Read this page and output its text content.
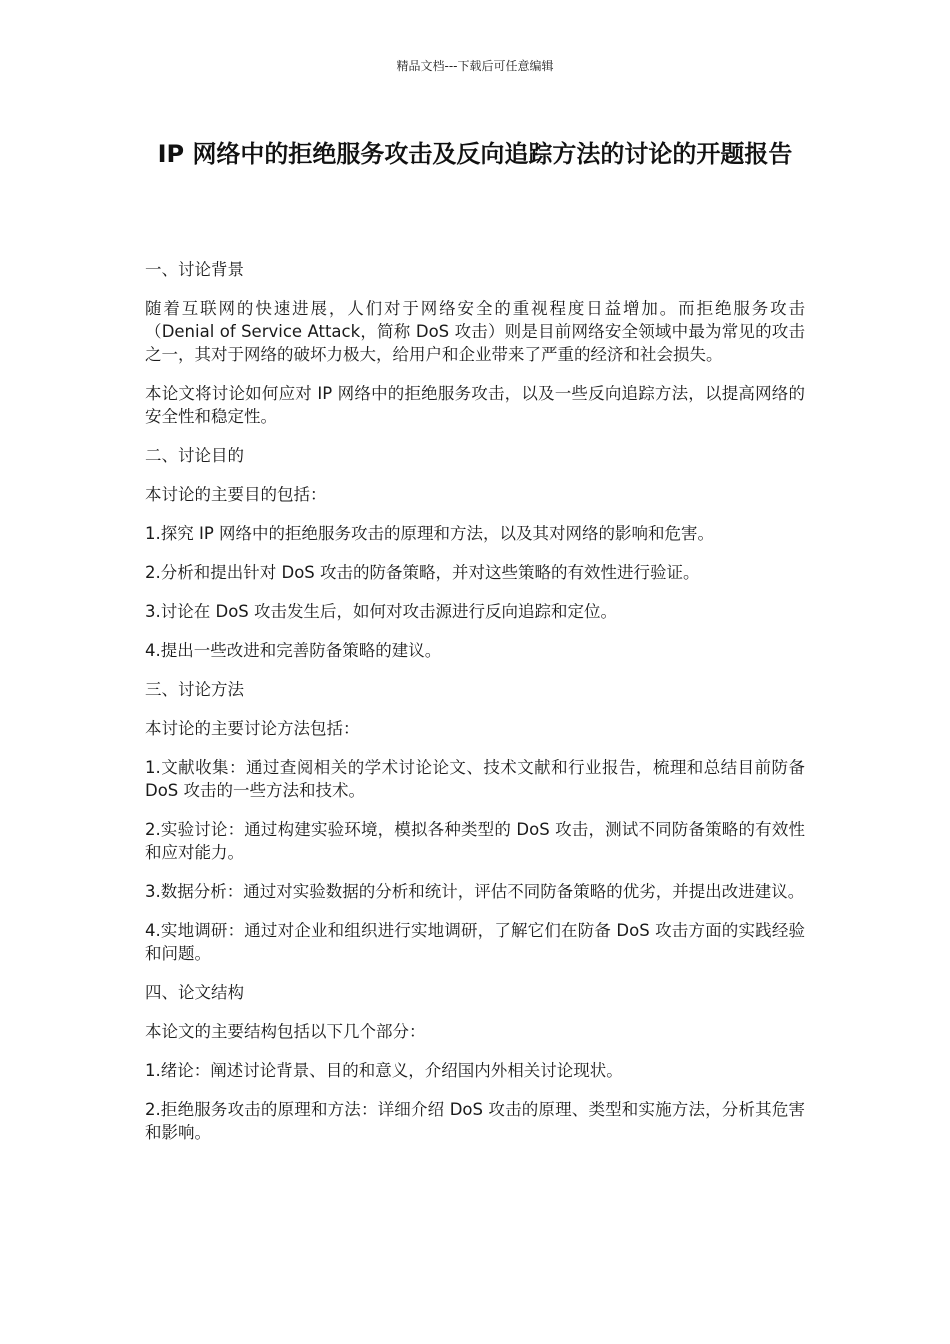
精品文档---下载后可任意编辑
IP 网络中的拒绝服务攻击及反向追踪方法的讨论的开题报告

一、讨论背景

随着互联网的快速进展，人们对于网络安全的重视程度日益增加。而拒绝服务攻击（Denial of Service Attack，简称 DoS 攻击）则是目前网络安全领域中最为常见的攻击之一，其对于网络的破坏力极大，给用户和企业带来了严重的经济和社会损失。

本论文将讨论如何应对 IP 网络中的拒绝服务攻击，以及一些反向追踪方法，以提高网络的安全性和稳定性。

二、讨论目的

本讨论的主要目的包括：

1.探究 IP 网络中的拒绝服务攻击的原理和方法，以及其对网络的影响和危害。

2.分析和提出针对 DoS 攻击的防备策略，并对这些策略的有效性进行验证。

3.讨论在 DoS 攻击发生后，如何对攻击源进行反向追踪和定位。

4.提出一些改进和完善防备策略的建议。

三、讨论方法

本讨论的主要讨论方法包括：

1.文献收集：通过查阅相关的学术讨论论文、技术文献和行业报告，梳理和总结目前防备 DoS 攻击的一些方法和技术。

2.实验讨论：通过构建实验环境，模拟各种类型的 DoS 攻击，测试不同防备策略的有效性和应对能力。

3.数据分析：通过对实验数据的分析和统计，评估不同防备策略的优劣，并提出改进建议。

4.实地调研：通过对企业和组织进行实地调研，了解它们在防备 DoS 攻击方面的实践经验和问题。

四、论文结构

本论文的主要结构包括以下几个部分：

1.绪论：阐述讨论背景、目的和意义，介绍国内外相关讨论现状。

2.拒绝服务攻击的原理和方法：详细介绍 DoS 攻击的原理、类型和实施方法，分析其危害和影响。
